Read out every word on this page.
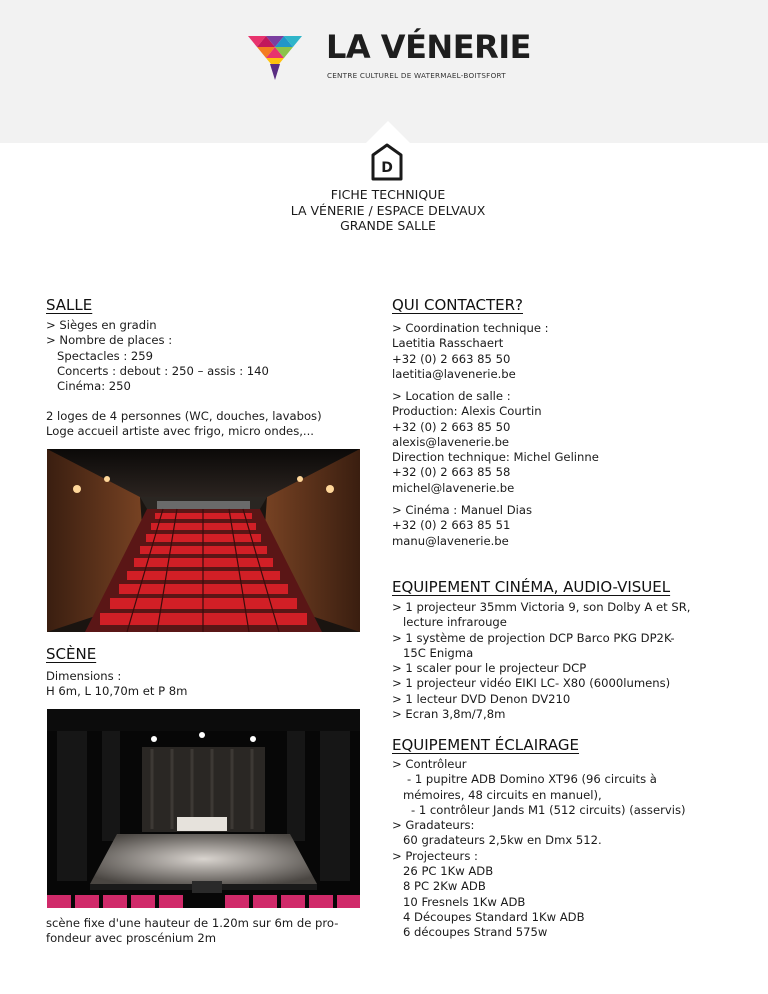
LA VÉNERIE
CENTRE CULTUREL DE WATERMAEL-BOITSFORT
D
FICHE TECHNIQUE
LA VÉNERIE / ESPACE DELVAUX
GRANDE SALLE
SALLE
> Sièges en gradin
> Nombre de places :
Spectacles : 259
Concerts : debout : 250 – assis : 140
Cinéma: 250
2 loges de 4 personnes (WC, douches, lavabos)
Loge accueil artiste avec frigo, micro ondes,...
SCÈNE
Dimensions :
H 6m, L 10,70m et P 8m
scène fixe d'une hauteur de 1.20m sur 6m de pro-
fondeur avec proscénium 2m
QUI CONTACTER?
> Coordination technique :
Laetitia Rasschaert
+32 (0) 2 663 85 50
laetitia@lavenerie.be
> Location de salle :
Production: Alexis Courtin
+32 (0) 2 663 85 50
alexis@lavenerie.be
Direction technique: Michel Gelinne
+32 (0) 2 663 85 58
michel@lavenerie.be
> Cinéma : Manuel Dias
+32 (0) 2 663 85 51
manu@lavenerie.be
EQUIPEMENT CINÉMA, AUDIO-VISUEL
> 1 projecteur 35mm Victoria 9, son Dolby A et SR,
lecture infrarouge
> 1 système de projection DCP Barco PKG DP2K-
15C Enigma
> 1 scaler pour le projecteur DCP
> 1 projecteur vidéo EIKI LC- X80 (6000lumens)
> 1 lecteur DVD Denon DV210
> Ecran 3,8m/7,8m
EQUIPEMENT ÉCLAIRAGE
> Contrôleur
- 1 pupitre ADB Domino XT96 (96 circuits à
mémoires, 48 circuits en manuel),
- 1 contrôleur Jands M1 (512 circuits) (asservis)
> Gradateurs:
60 gradateurs 2,5kw en Dmx 512.
> Projecteurs :
26 PC 1Kw ADB
8 PC 2Kw ADB
10 Fresnels 1Kw ADB
4 Découpes Standard 1Kw ADB
6 découpes Strand 575w
